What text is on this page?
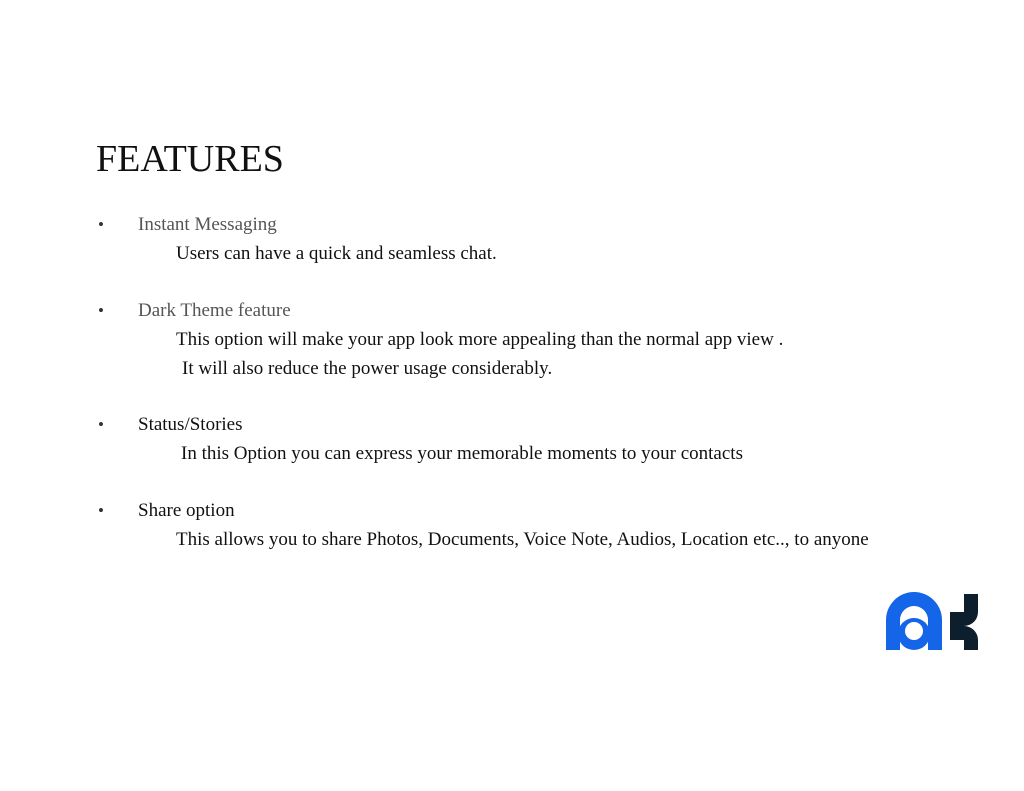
FEATURES
• Instant Messaging
Users can have a quick and seamless chat.
• Dark Theme feature
This option will make your app look more appealing than the normal app view .
It will also reduce the power usage considerably.
• Status/Stories
In this Option you can express your memorable moments to your contacts
• Share option
This allows you to share Photos, Documents, Voice Note, Audios, Location etc.., to anyone
